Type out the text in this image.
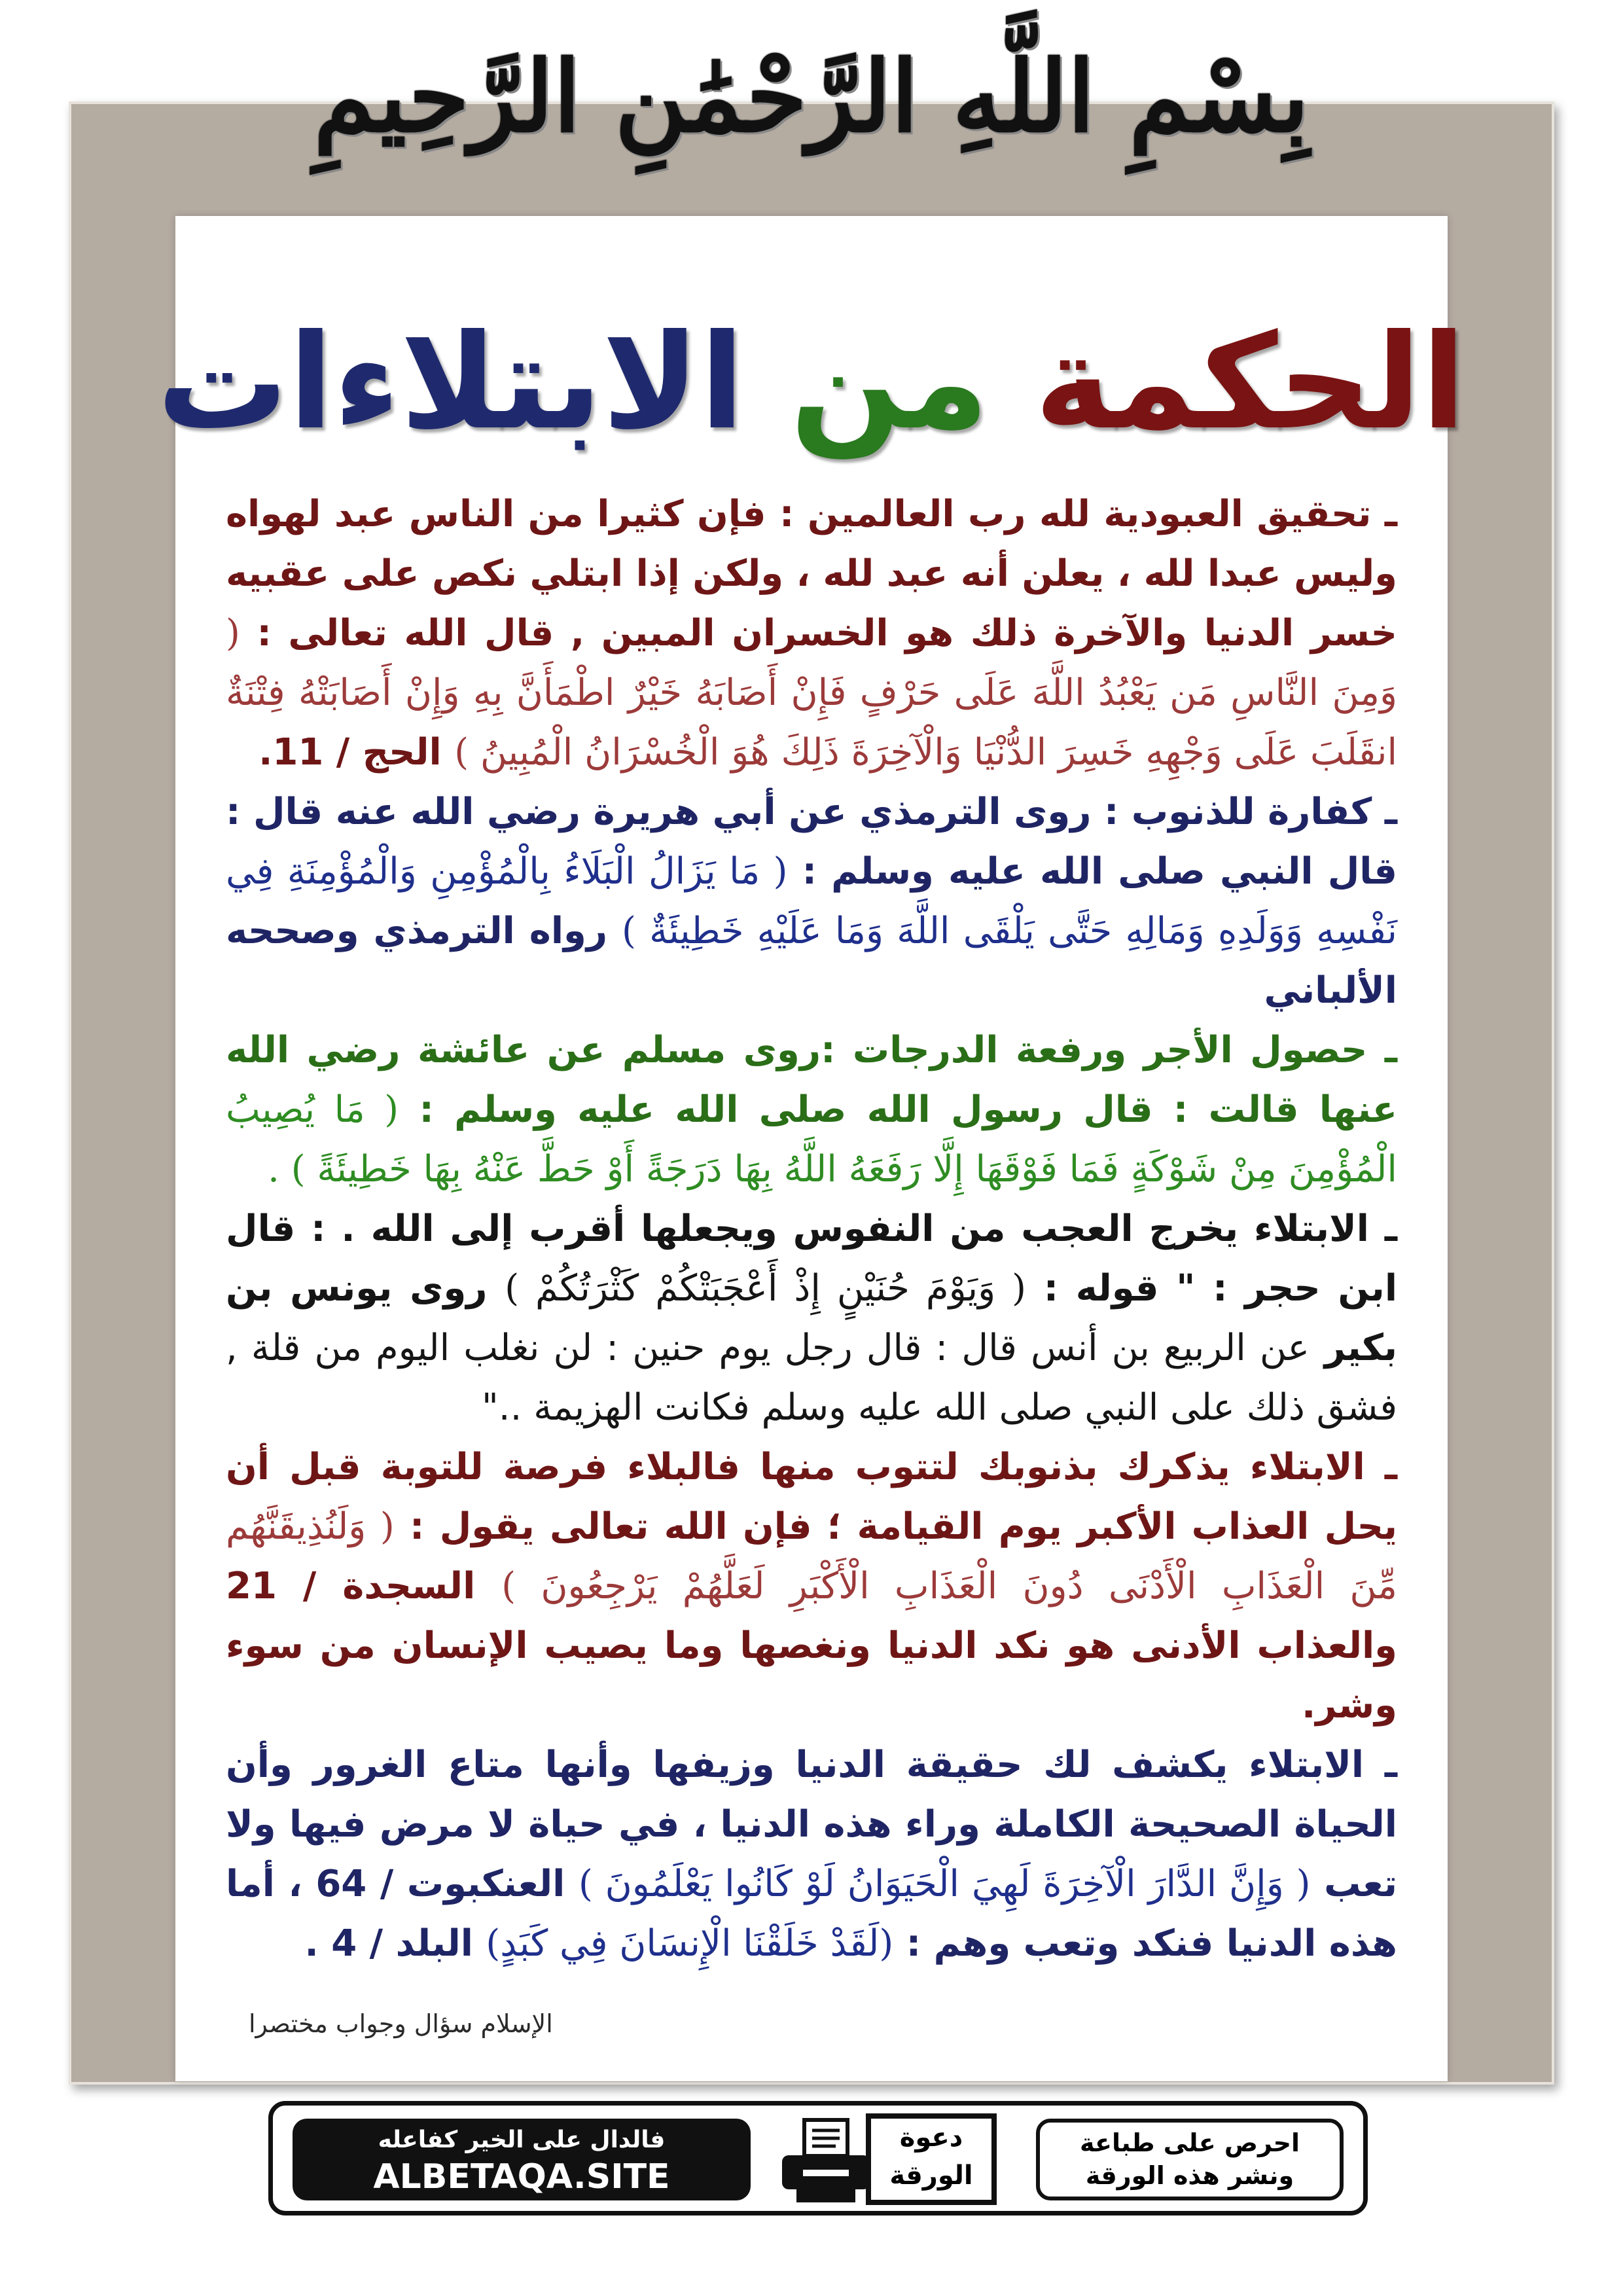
بِسْمِ اللَّهِ الرَّحْمَٰنِ الرَّحِيمِ
الحكمة من الابتلاءات

ـ تحقيق العبودية لله رب العالمين : فإن كثيرا من الناس عبد لهواه وليس عبدا لله ، يعلن أنه عبد لله ، ولكن إذا ابتلي نكص على عقبيه خسر الدنيا والآخرة ذلك هو الخسران المبين , قال الله تعالى : ( وَمِنَ النَّاسِ مَن يَعْبُدُ اللَّهَ عَلَى حَرْفٍ فَإِنْ أَصَابَهُ خَيْرٌ اطْمَأَنَّ بِهِ وَإِنْ أَصَابَتْهُ فِتْنَةٌ انقَلَبَ عَلَى وَجْهِهِ خَسِرَ الدُّنْيَا وَالْآخِرَةَ ذَلِكَ هُوَ الْخُسْرَانُ الْمُبِينُ ) الحج / 11.

ـ كفارة للذنوب : روى الترمذي عن أبي هريرة رضي الله عنه قال : قال النبي صلى الله عليه وسلم : ( مَا يَزَالُ الْبَلَاءُ بِالْمُؤْمِنِ وَالْمُؤْمِنَةِ فِي نَفْسِهِ وَوَلَدِهِ وَمَالِهِ حَتَّى يَلْقَى اللَّهَ وَمَا عَلَيْهِ خَطِيئَةٌ ) رواه الترمذي وصححه الألباني

ـ حصول الأجر ورفعة الدرجات :روى مسلم عن عائشة رضي الله عنها قالت : قال رسول الله صلى الله عليه وسلم : ( مَا يُصِيبُ الْمُؤْمِنَ مِنْ شَوْكَةٍ فَمَا فَوْقَهَا إِلَّا رَفَعَهُ اللَّهُ بِهَا دَرَجَةً أَوْ حَطَّ عَنْهُ بِهَا خَطِيئَةً ) .

ـ الابتلاء يخرج العجب من النفوس ويجعلها أقرب إلى الله . : قال ابن حجر : " قوله : ( وَيَوْمَ حُنَيْنٍ إِذْ أَعْجَبَتْكُمْ كَثْرَتُكُمْ ) روى يونس بن بكير عن الربيع بن أنس قال : قال رجل يوم حنين : لن نغلب اليوم من قلة , فشق ذلك على النبي صلى الله عليه وسلم فكانت الهزيمة .."

ـ الابتلاء يذكرك بذنوبك لتتوب منها فالبلاء فرصة للتوبة قبل أن يحل العذاب الأكبر يوم القيامة ؛ فإن الله تعالى يقول : ( وَلَنُذِيقَنَّهُم مِّنَ الْعَذَابِ الْأَدْنَى دُونَ الْعَذَابِ الْأَكْبَرِ لَعَلَّهُمْ يَرْجِعُونَ ) السجدة / 21 والعذاب الأدنى هو نكد الدنيا ونغصها وما يصيب الإنسان من سوء وشر.

ـ الابتلاء يكشف لك حقيقة الدنيا وزيفها وأنها متاع الغرور وأن الحياة الصحيحة الكاملة وراء هذه الدنيا ، في حياة لا مرض فيها ولا تعب ( وَإِنَّ الدَّارَ الْآخِرَةَ لَهِيَ الْحَيَوَانُ لَوْ كَانُوا يَعْلَمُونَ ) العنكبوت / 64 ، أما هذه الدنيا فنكد وتعب وهم : (لَقَدْ خَلَقْنَا الْإِنسَانَ فِي كَبَدٍ) البلد / 4 .

الإسلام سؤال وجواب مختصرا
احرص على طباعة
ونشر هذه الورقة
دعوة
الورقة
فالدال على الخير كفاعله
ALBETAQA.SITE
